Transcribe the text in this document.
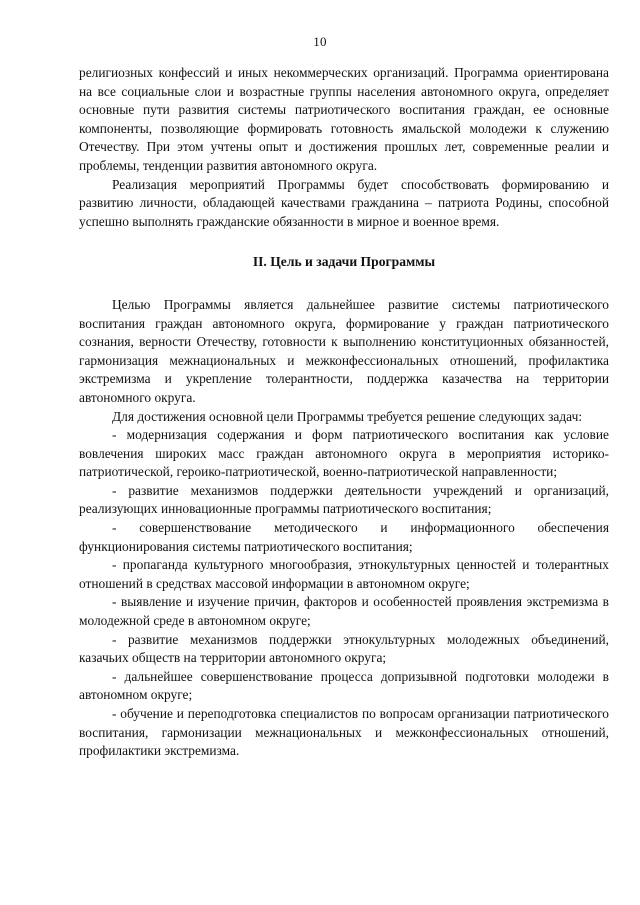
10

религиозных конфессий и иных некоммерческих организаций. Программа ориентирована на все социальные слои и возрастные группы населения автономного округа, определяет основные пути развития системы патриотического воспитания граждан, ее основные компоненты, позволяющие формировать готовность ямальской молодежи к служению Отечеству. При этом учтены опыт и достижения прошлых лет, современные реалии и проблемы, тенденции развития автономного округа.

Реализация мероприятий Программы будет способствовать формированию и развитию личности, обладающей качествами гражданина – патриота Родины, способной успешно выполнять гражданские обязанности в мирное и военное время.

II. Цель и задачи Программы

Целью Программы является дальнейшее развитие системы патриотического воспитания граждан автономного округа, формирование у граждан патриотического сознания, верности Отечеству, готовности к выполнению конституционных обязанностей, гармонизация межнациональных и межконфессиональных отношений, профилактика экстремизма и укрепление толерантности, поддержка казачества на территории автономного округа.

Для достижения основной цели Программы требуется решение следующих задач:

- модернизация содержания и форм патриотического воспитания как условие вовлечения широких масс граждан автономного округа в мероприятия историко-патриотической, героико-патриотической, военно-патриотической направленности;

- развитие механизмов поддержки деятельности учреждений и организаций, реализующих инновационные программы патриотического воспитания;

- совершенствование методического и информационного обеспечения функционирования системы патриотического воспитания;

- пропаганда культурного многообразия, этнокультурных ценностей и толерантных отношений в средствах массовой информации в автономном округе;

- выявление и изучение причин, факторов и особенностей проявления экстремизма в молодежной среде в автономном округе;

- развитие механизмов поддержки этнокультурных молодежных объединений, казачьих обществ на территории автономного округа;

- дальнейшее совершенствование процесса допризывной подготовки молодежи в автономном округе;

- обучение и переподготовка специалистов по вопросам организации патриотического воспитания, гармонизации межнациональных и межконфессиональных отношений, профилактики экстремизма.
